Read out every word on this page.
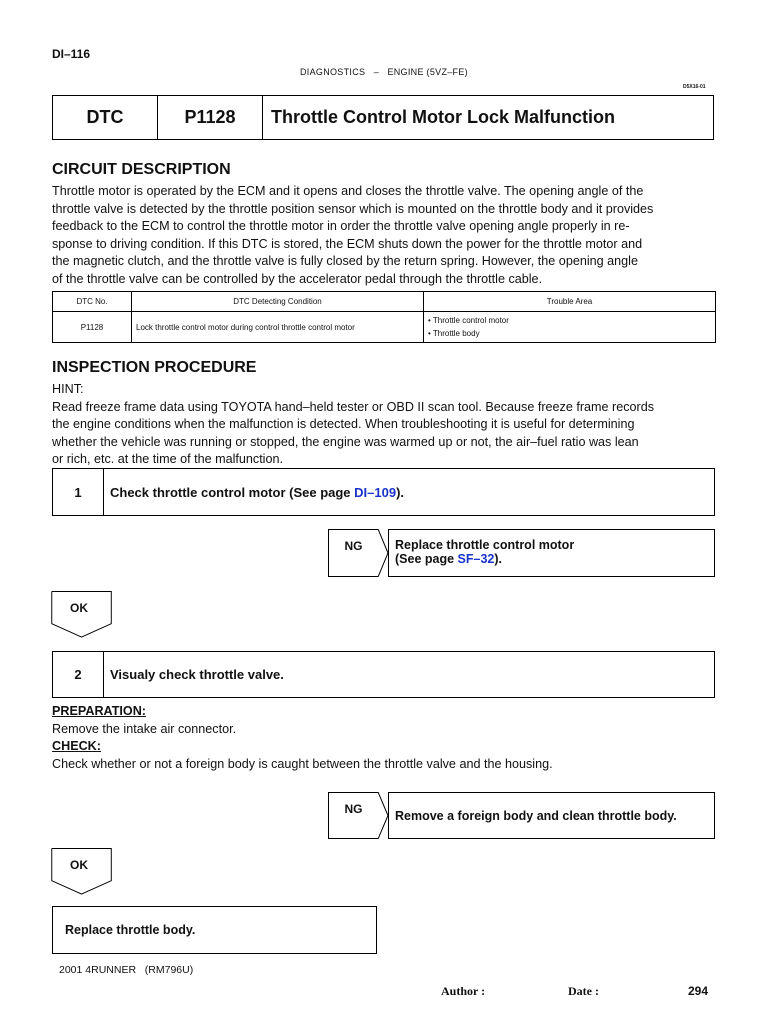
DI–116
DIAGNOSTICS – ENGINE (5VZ–FE)
D5X16-01
DTC	P1128	Throttle Control Motor Lock Malfunction
CIRCUIT DESCRIPTION
Throttle motor is operated by the ECM and it opens and closes the throttle valve. The opening angle of the
throttle valve is detected by the throttle position sensor which is mounted on the throttle body and it provides
feedback to the ECM to control the throttle motor in order the throttle valve opening angle properly in re-
sponse to driving condition. If this DTC is stored, the ECM shuts down the power for the throttle motor and
the magnetic clutch, and the throttle valve is fully closed by the return spring. However, the opening angle
of the throttle valve can be controlled by the accelerator pedal through the throttle cable.
DTC No.	DTC Detecting Condition	Trouble Area
P1128	Lock throttle control motor during control throttle control motor	• Throttle control motor
• Throttle body
INSPECTION PROCEDURE
HINT:
Read freeze frame data using TOYOTA hand–held tester or OBD II scan tool. Because freeze frame records
the engine conditions when the malfunction is detected. When troubleshooting it is useful for determining
whether the vehicle was running or stopped, the engine was warmed up or not, the air–fuel ratio was lean
or rich, etc. at the time of the malfunction.
1	Check throttle control motor (See page DI–109).
NG	Replace throttle control motor
(See page SF–32).
OK
2	Visualy check throttle valve.
PREPARATION:
Remove the intake air connector.
CHECK:
Check whether or not a foreign body is caught between the throttle valve and the housing.
NG	Remove a foreign body and clean throttle body.
OK
Replace throttle body.
2001 4RUNNER   (RM796U)
Author :	Date :	294
